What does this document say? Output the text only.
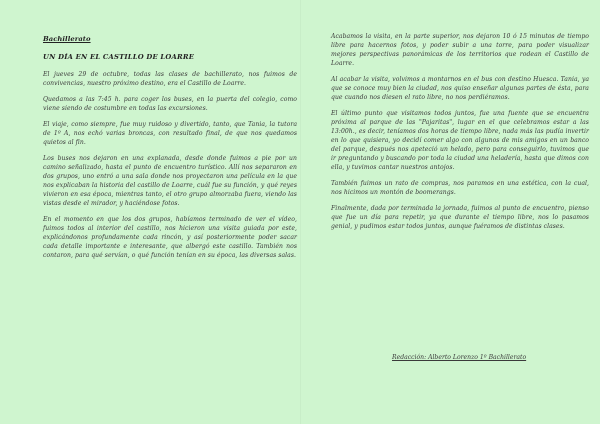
Bachillerato
UN DÍA EN EL CASTILLO DE LOARRE

El jueves 29 de octubre, todas las clases de bachillerato, nos fuimos de convivencias, nuestro próximo destino, era el Castillo de Loarre.

Quedamos a las 7:45 h. para coger los buses, en la puerta del colegio, como viene siendo de costumbre en todas las excursiones.

El viaje, como siempre, fue muy ruidoso y divertido, tanto, que Tania, la tutora de 1º A, nos echó varias broncas, con resultado final, de que nos quedamos quietos al fin.

Los buses nos dejaron en una explanada, desde donde fuimos a pie por un camino señalizado, hasta el punto de encuentro turístico. Allí nos separaron en dos grupos, uno entró a una sala donde nos proyectaron una película en la que nos explicaban la historia del castillo de Loarre, cuál fue su función, y qué reyes vivieron en esa época, mientras tanto, el otro grupo almorzaba fuera, viendo las vistas desde el mirador, y haciéndose fotos.

En el momento en que los dos grupos, habíamos terminado de ver el vídeo, fuimos todos al interior del castillo, nos hicieron una visita guiada por este, explicándonos profundamente cada rincón, y así posteriormente poder sacar cada detalle importante e interesante, que albergó este castillo. También nos contaron, para qué servían, o qué función tenían en su época, las diversas salas.

Acabamos la visita, en la parte superior, nos dejaron 10 ó 15 minutos de tiempo libre para hacernos fotos, y poder subir a una torre, para poder visualizar mejores perspectivas panorámicas de los territorios que rodean el Castillo de Loarre.

Al acabar la visita, volvimos a montarnos en el bus con destino Huesca. Tania, ya que se conoce muy bien la ciudad, nos quiso enseñar algunas partes de ésta, para que cuando nos diesen el rato libre, no nos perdiéramos.

El último punto que visitamos todos juntos, fue una fuente que se encuentra próxima al parque de las "Pajaritas", lugar en el que celebramos estar a las 13:00h., es decir, teníamos dos horas de tiempo libre, nada más las pudía invertir en lo que quisiera, yo decidí comer algo con algunos de mis amigos en un banco del parque, después nos apeteció un helado, pero para conseguirlo, tuvimos que ir preguntando y buscando por toda la ciudad una heladería, hasta que dimos con ella, y tuvimos cantar nuestros antojos.

También fuimos un rato de compras, nos paramos en una estética, con la cual, nos hicimos un montón de boomerangs.

Finalmente, dada por terminada la jornada, fuimos al punto de encuentro, pienso que fue un día para repetir, ya que durante el tiempo libre, nos lo pasamos genial, y pudimos estar todos juntos, aunque fuéramos de distintas clases.

Redacción: Alberto Lorenzo 1º Bachillerato
